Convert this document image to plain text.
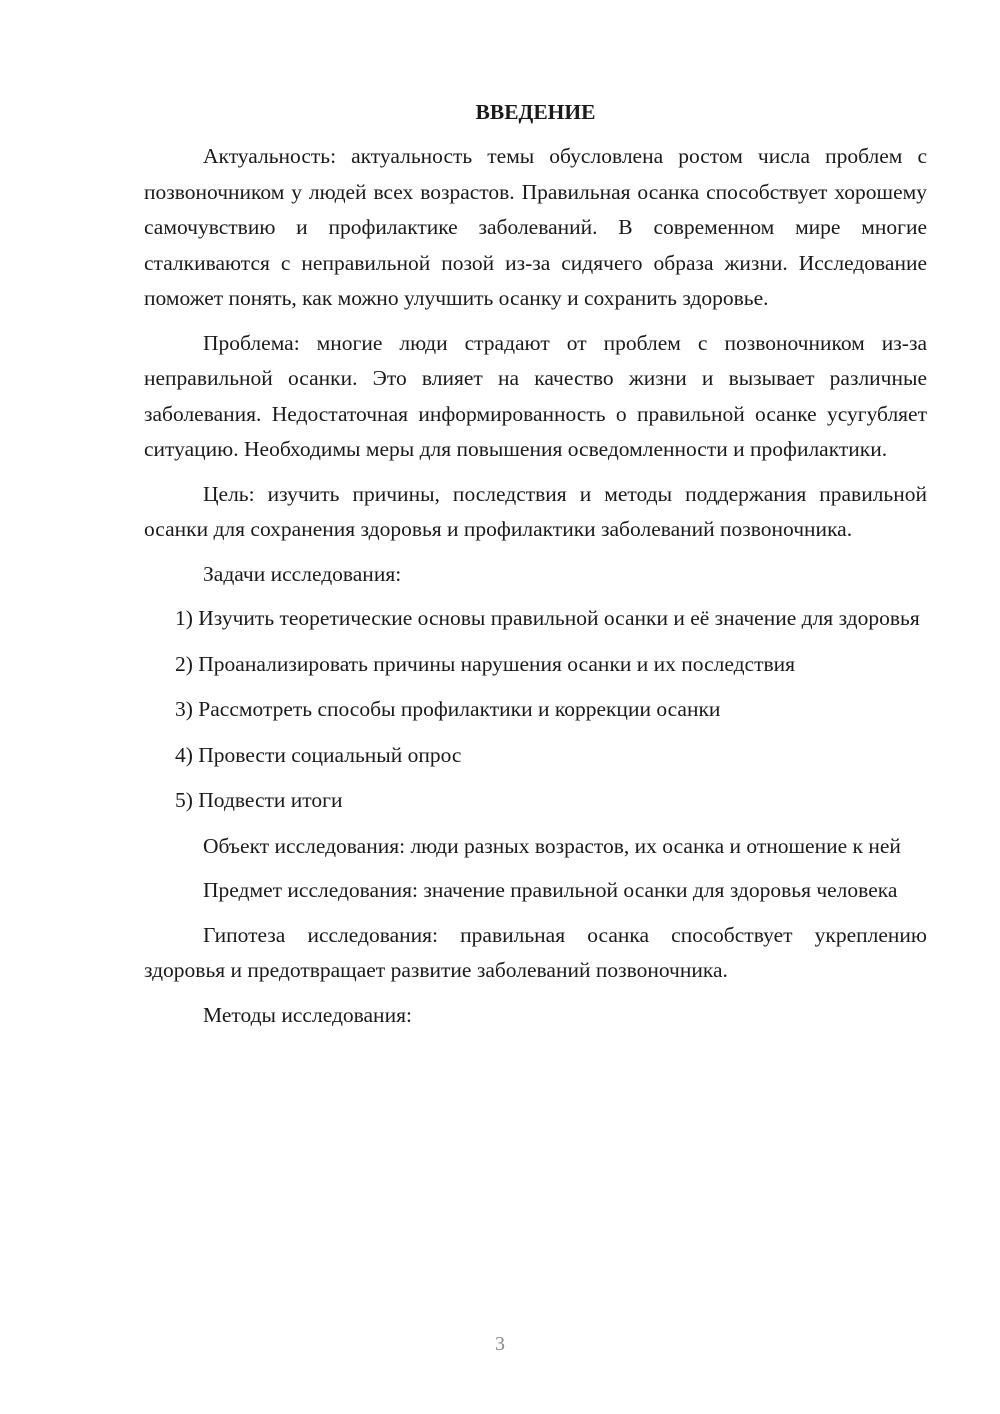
ВВЕДЕНИЕ

Актуальность: актуальность темы обусловлена ростом числа проблем с позвоночником у людей всех возрастов. Правильная осанка способствует хорошему самочувствию и профилактике заболеваний. В современном мире многие сталкиваются с неправильной позой из-за сидячего образа жизни. Исследование поможет понять, как можно улучшить осанку и сохранить здоровье.

Проблема: многие люди страдают от проблем с позвоночником из-за неправильной осанки. Это влияет на качество жизни и вызывает различные заболевания. Недостаточная информированность о правильной осанке усугубляет ситуацию. Необходимы меры для повышения осведомленности и профилактики.

Цель: изучить причины, последствия и методы поддержания правильной осанки для сохранения здоровья и профилактики заболеваний позвоночника.

Задачи исследования:

1) Изучить теоретические основы правильной осанки и её значение для здоровья

2) Проанализировать причины нарушения осанки и их последствия

3) Рассмотреть способы профилактики и коррекции осанки

4) Провести социальный опрос

5) Подвести итоги

Объект исследования: люди разных возрастов, их осанка и отношение к ней

Предмет исследования: значение правильной осанки для здоровья человека

Гипотеза исследования: правильная осанка способствует укреплению здоровья и предотвращает развитие заболеваний позвоночника.

Методы исследования:

3
